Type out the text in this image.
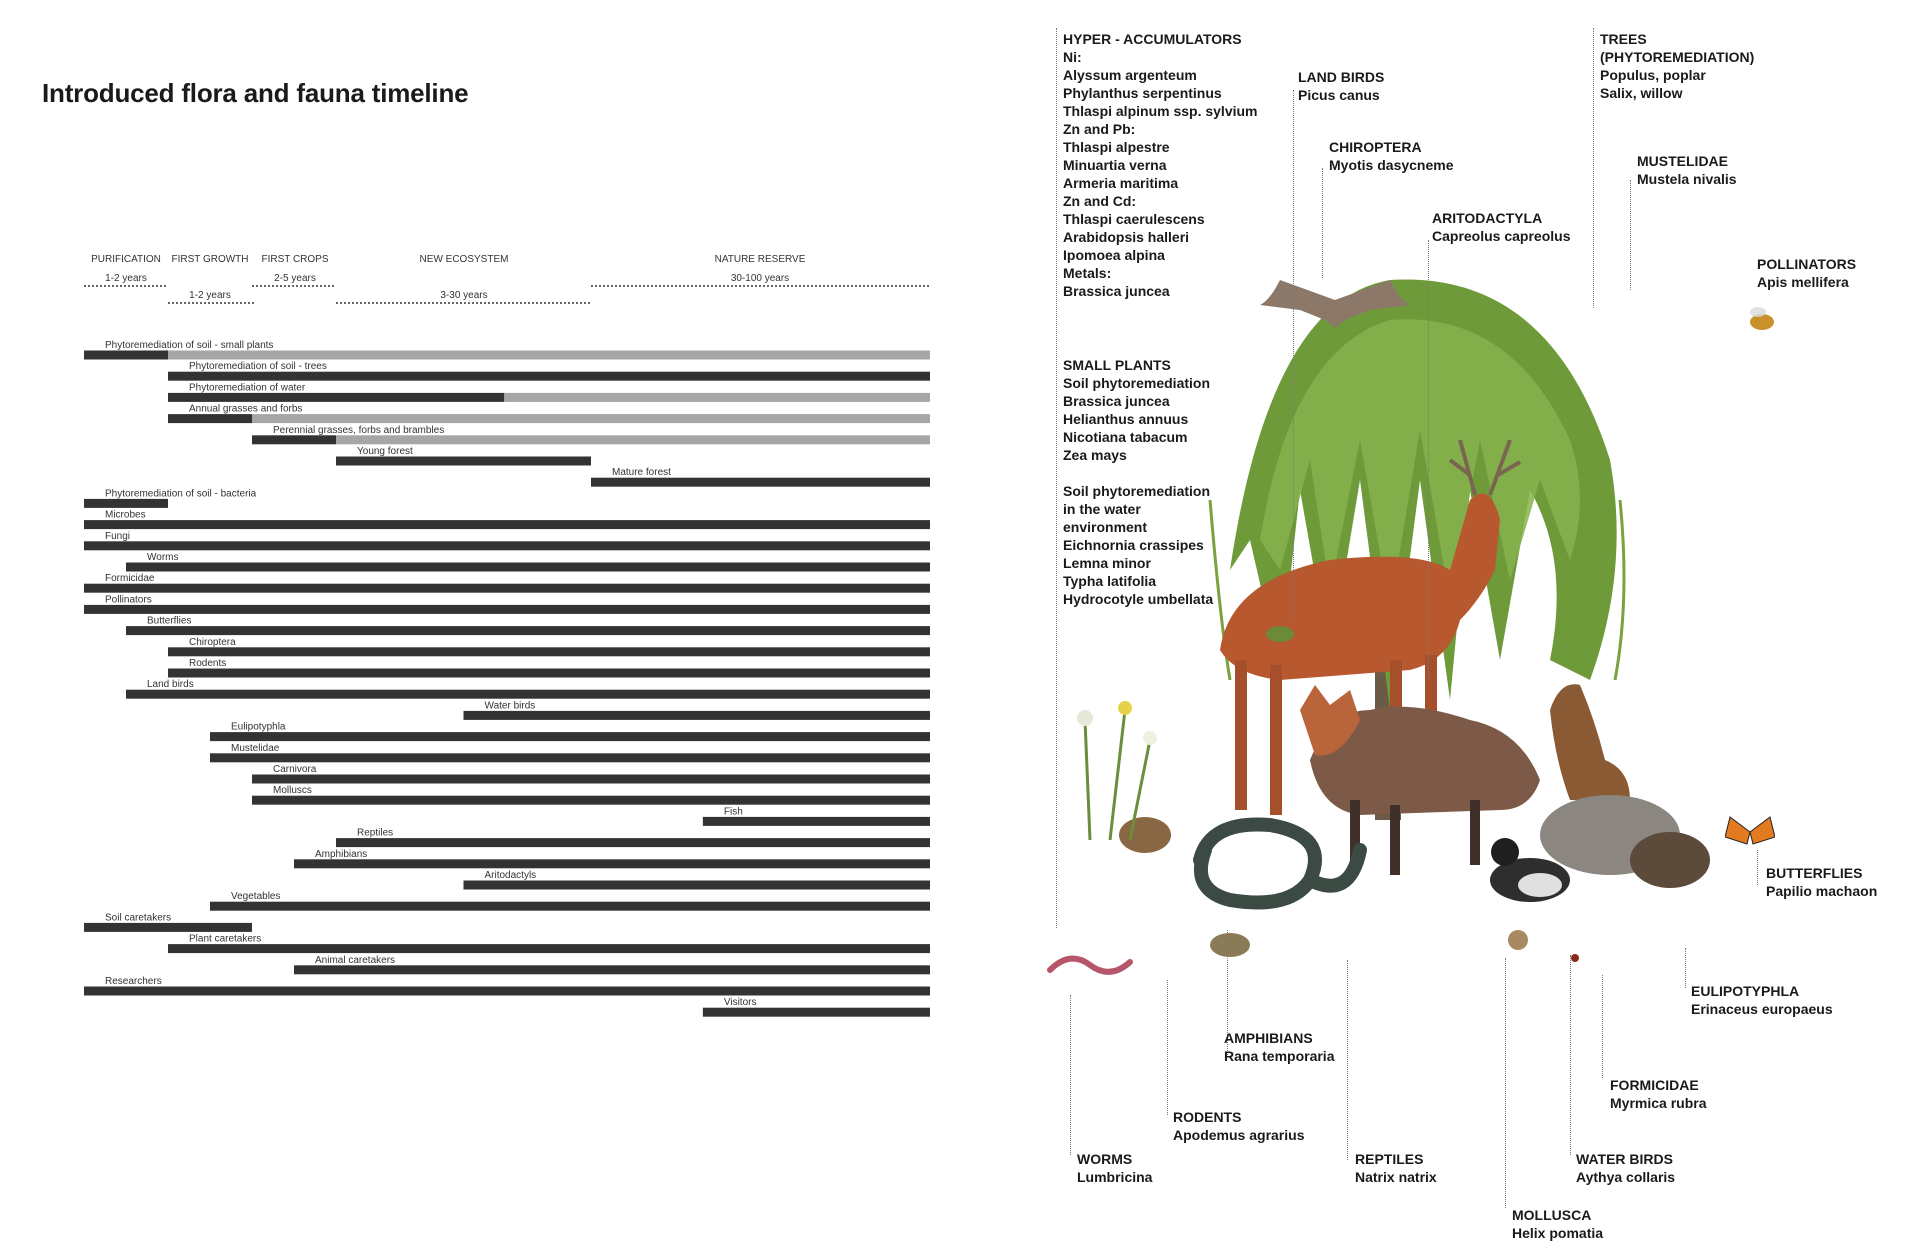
Introduced flora and fauna timeline
PURIFICATION
1-2 years
FIRST GROWTH
1-2 years
FIRST CROPS
2-5 years
NEW ECOSYSTEM
3-30 years
NATURE RESERVE
30-100 years
Phytoremediation of soil - small plants
Phytoremediation of soil - trees
Phytoremediation of water
Annual grasses and forbs
Perennial grasses, forbs and brambles
Young forest
Mature forest
Phytoremediation of soil - bacteria
Microbes
Fungi
Worms
Formicidae
Pollinators
Butterflies
Chiroptera
Rodents
Land birds
Water birds
Eulipotyphla
Mustelidae
Carnivora
Molluscs
Fish
Reptiles
Amphibians
Aritodactyls
Vegetables
Soil caretakers
Plant caretakers
Animal caretakers
Researchers
Visitors
HYPER - ACCUMULATORS
Ni:
Alyssum argenteum
Phylanthus serpentinus
Thlaspi alpinum ssp. sylvium
Zn and Pb:
Thlaspi alpestre
Minuartia verna
Armeria maritima
Zn and Cd:
Thlaspi caerulescens
Arabidopsis halleri
Ipomoea alpina
Metals:
Brassica juncea
SMALL PLANTS
Soil phytoremediation
Brassica juncea
Helianthus annuus
Nicotiana tabacum
Zea mays
Soil phytoremediation
in the water
environment
Eichnornia crassipes
Lemna minor
Typha latifolia
Hydrocotyle umbellata
LAND BIRDS
Picus canus
CHIROPTERA
Myotis dasycneme
ARITODACTYLA
Capreolus capreolus
TREES
(PHYTOREMEDIATION)
Populus, poplar
Salix, willow
MUSTELIDAE
Mustela nivalis
POLLINATORS
Apis mellifera
BUTTERFLIES
Papilio machaon
EULIPOTYPHLA
Erinaceus europaeus
FORMICIDAE
Myrmica rubra
WATER BIRDS
Aythya collaris
MOLLUSCA
Helix pomatia
REPTILES
Natrix natrix
AMPHIBIANS
Rana temporaria
RODENTS
Apodemus agrarius
WORMS
Lumbricina
